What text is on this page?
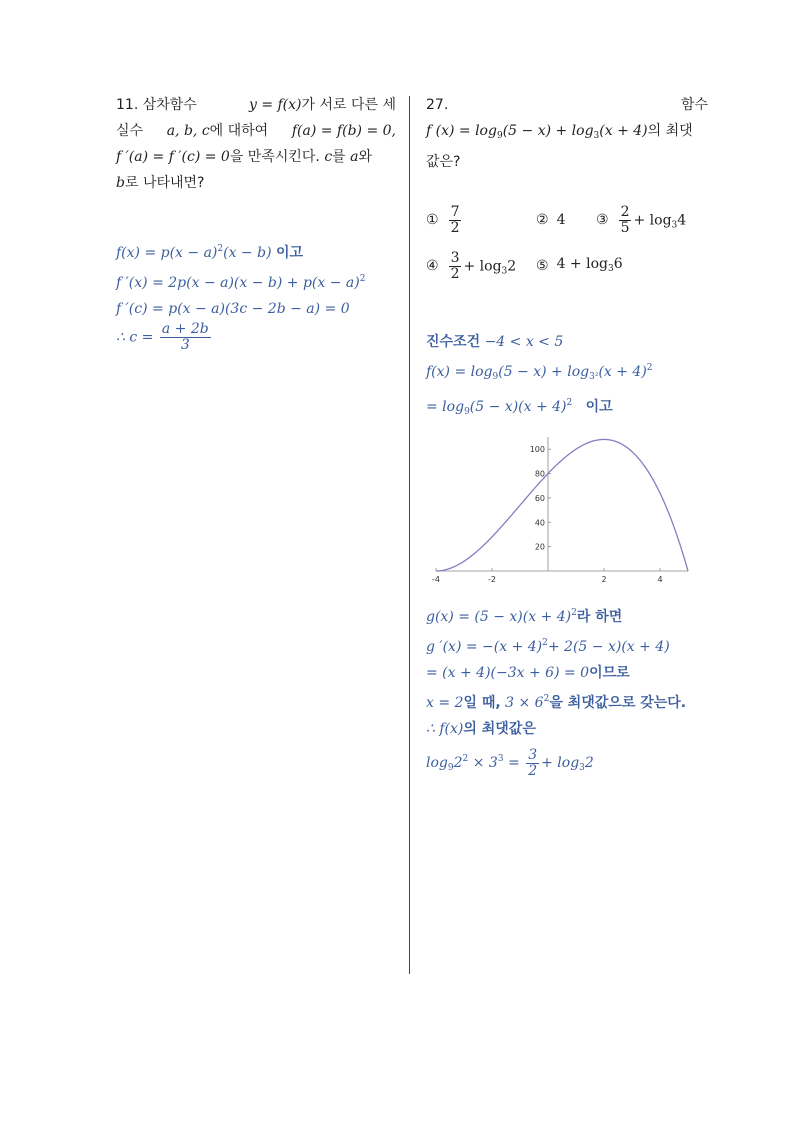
11. 삼차함수	y = f(x)가 서로 다른 세
실수 a, b, c에 대하여 f(a) = f(b) = 0,
f ′(a) = f ′(c) = 0을 만족시킨다. c를 a와
b로 나타내면?
$f(x) = p(x - a)^2(x - b)$ 이고
f $'(x) = 2p(x - a)(x - b) + p(x - a)^2$
f ′(c) = p(x − a)(3c − 2b − a) = 0
∴ $c = \frac{a + 2b}{3}$
27.	함수
f $(x) = \log_9(5 - x) + \log_3(x + 4)$의 최댓
값은?
① $\frac{7}{2}$	② 4 ③ $\frac{2}{5} + \log_34$
④ $\frac{3}{2} + \log_32$ ⑤ $4 + \log_36$
진수조건 −4 < x < 5
$f(x) = \log_9(5 - x) + \log_{3^2}(x + 4)^2$
= $\log_9(5 - x)(x + 4)^2$ 이고
-4	-2	2	4
20
40
60
80
100
$g(x) = (5 - x)(x + 4)^2$라 하면
g $'(x) = -(x + 4)^2+ 2(5 - x)(x + 4)$
= (x + 4)(−3x + 6) = 0이므로
x = 2일 때, $3 \times 6^2$을 최댓값으로 갖는다.
∴ f(x)의 최댓값은
$\log_92^2 \times 3^3 = \frac{3}{2} + \log_32$
